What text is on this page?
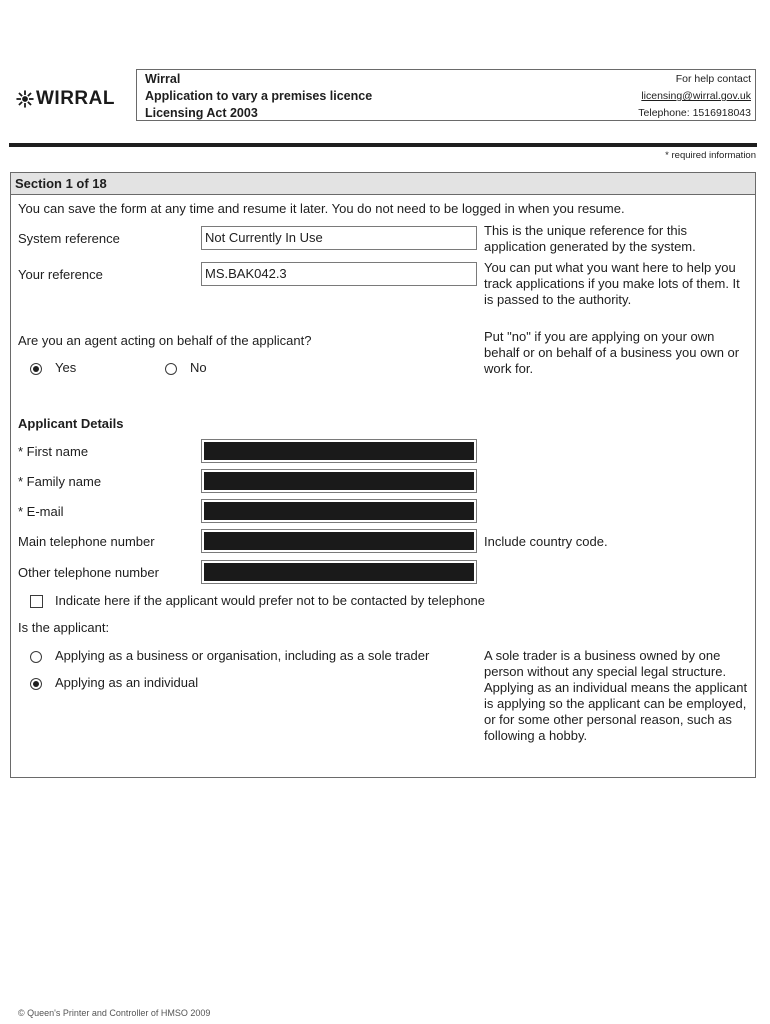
WIRRAL
Wirral
Application to vary a premises licence
Licensing Act 2003
For help contact
licensing@wirral.gov.uk
Telephone: 1516918043
* required information
Section 1 of 18
You can save the form at any time and resume it later. You do not need to be logged in when you resume.
System reference	Not Currently In Use	This is the unique reference for this application generated by the system.
Your reference	MS.BAK042.3	You can put what you want here to help you track applications if you make lots of them. It is passed to the authority.
Are you an agent acting on behalf of the applicant?	Put "no" if you are applying on your own behalf or on behalf of a business you own or work for.
Yes	No
Applicant Details
* First name
* Family name
* E-mail
Main telephone number	Include country code.
Other telephone number
Indicate here if the applicant would prefer not to be contacted by telephone
Is the applicant:
Applying as a business or organisation, including as a sole trader
Applying as an individual
A sole trader is a business owned by one person without any special legal structure. Applying as an individual means the applicant is applying so the applicant can be employed, or for some other personal reason, such as following a hobby.
© Queen's Printer and Controller of HMSO 2009
